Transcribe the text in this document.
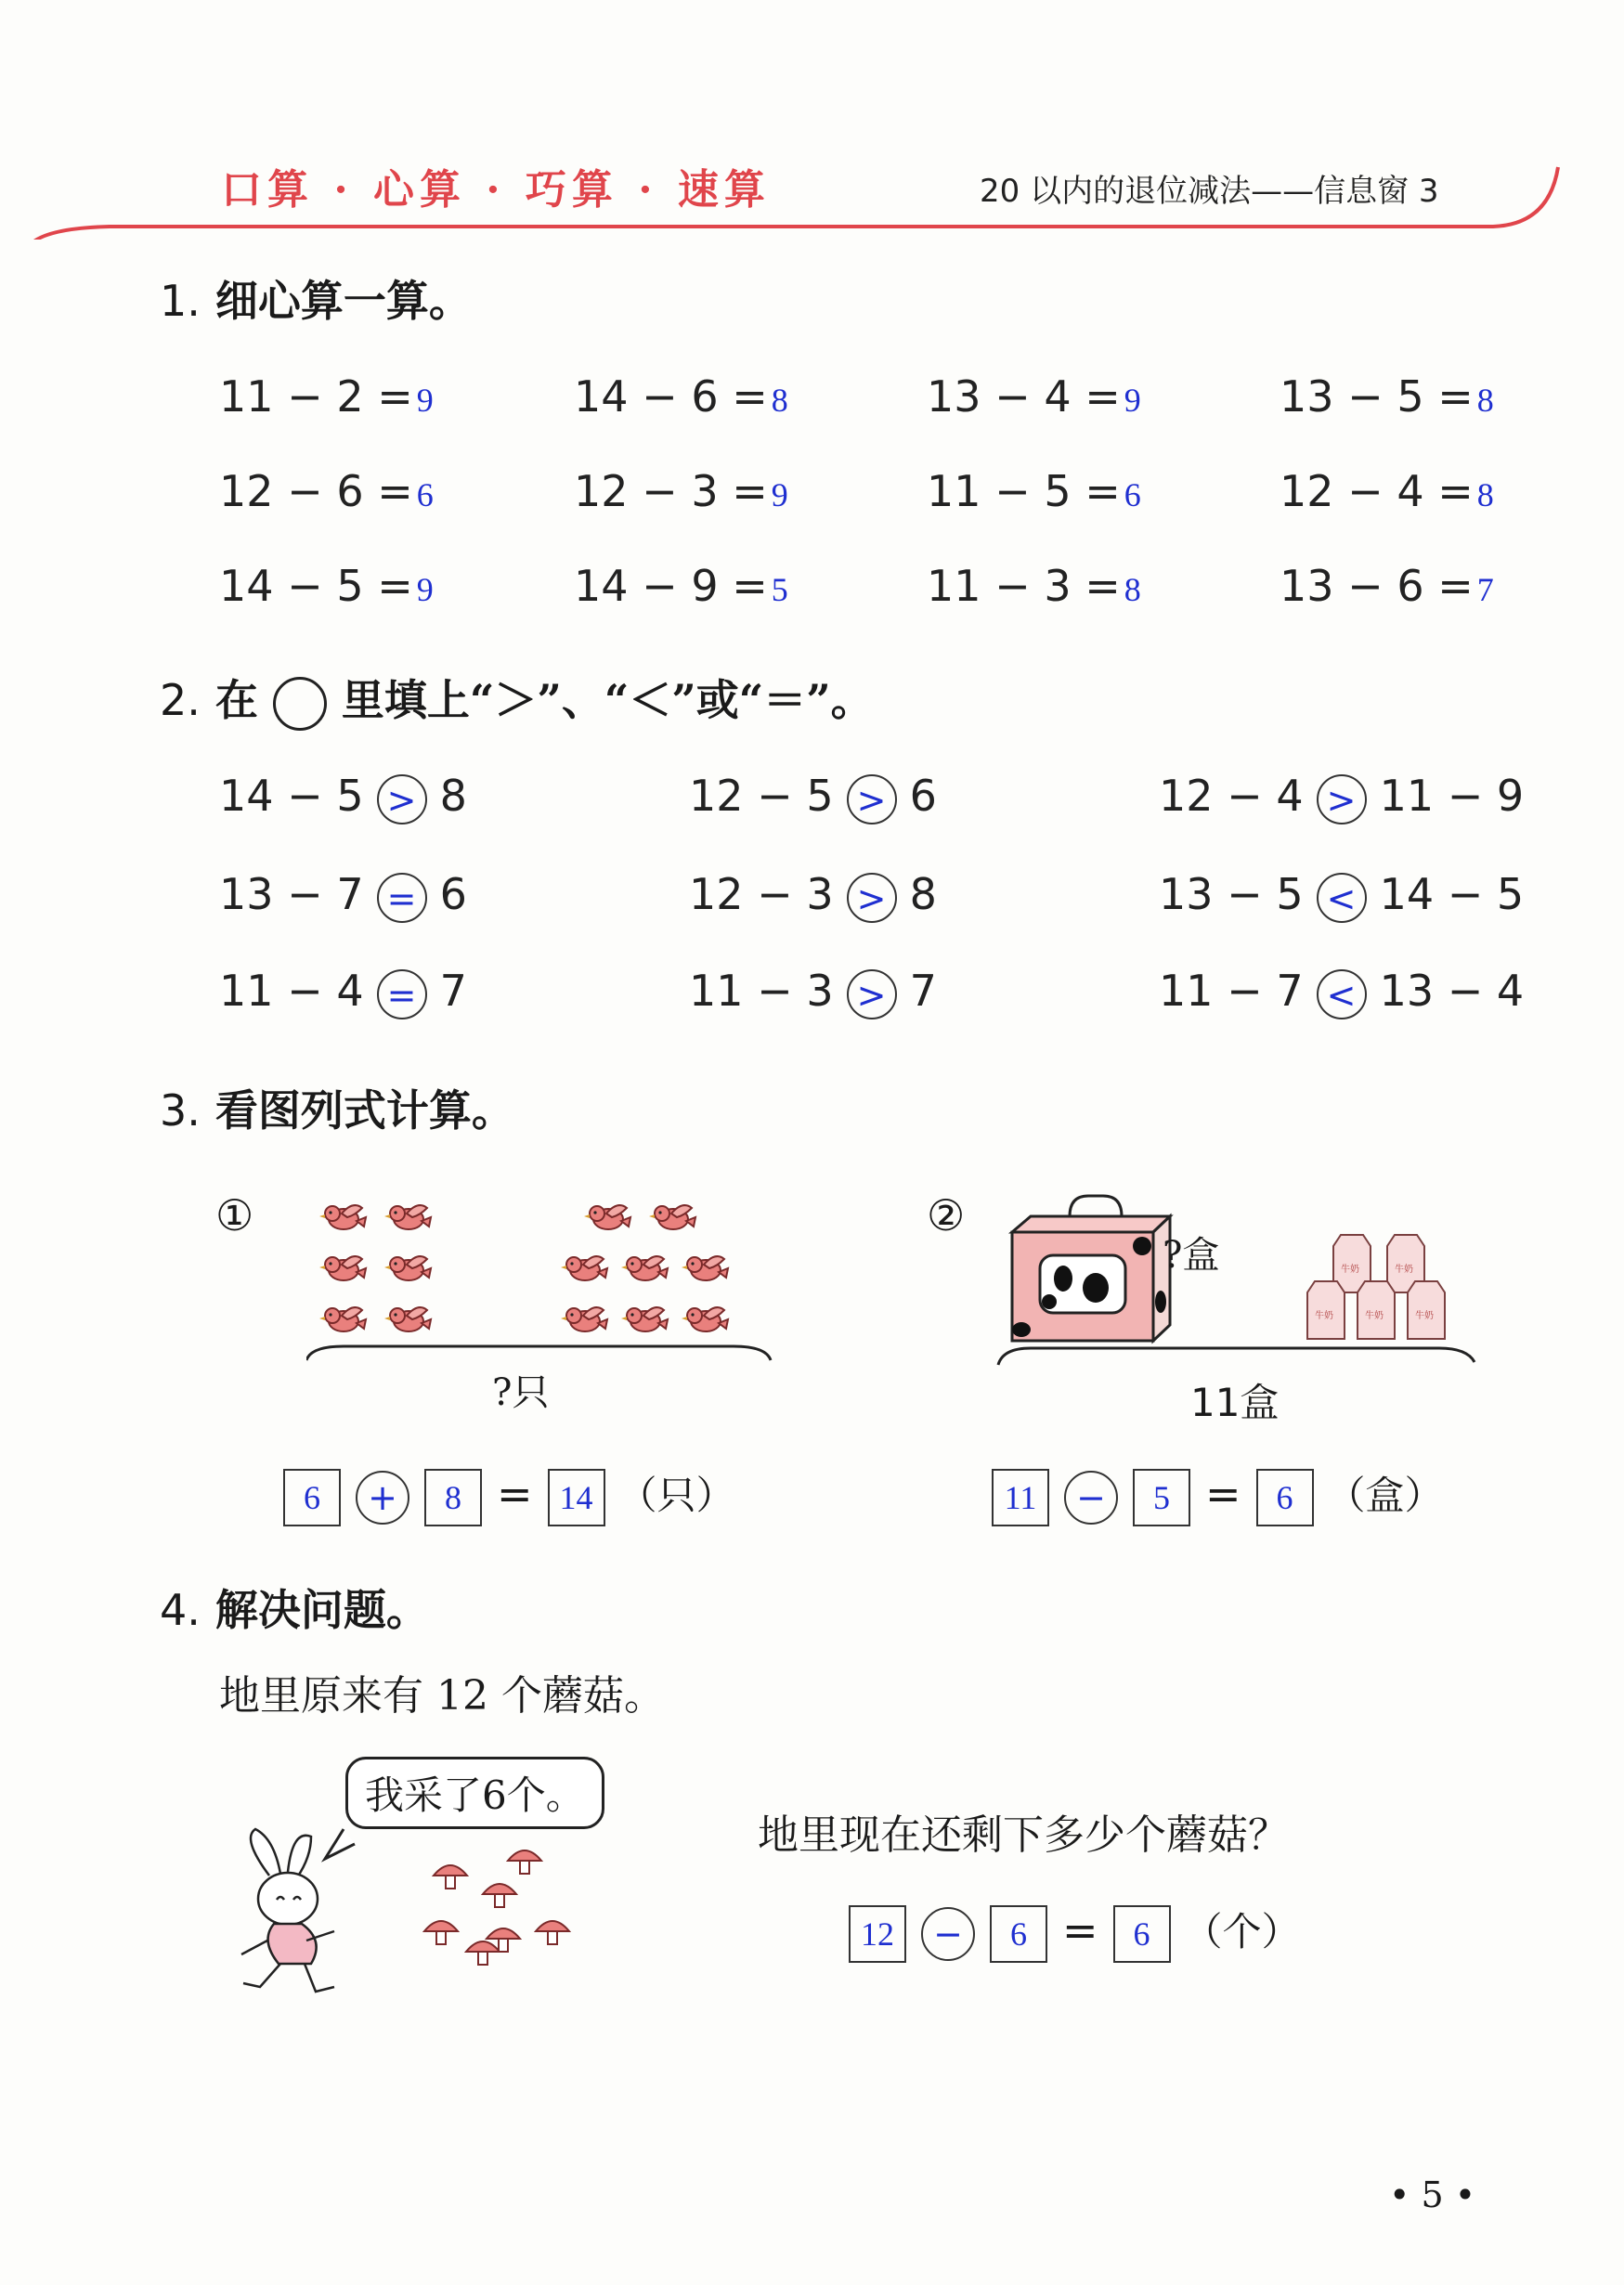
口算 · 心算 · 巧算 · 速算	20 以内的退位减法——信息窗 3
1. 细心算一算。
11 − 2 = 9	14 − 6 = 8	13 − 4 = 9	13 − 5 = 8
12 − 6 = 6	12 − 3 = 9	11 − 5 = 6	12 − 4 = 8
14 − 5 = 9	14 − 9 = 5	11 − 3 = 8	13 − 6 = 7
2. 在 里填上“＞”、“＜”或“＝”。
14 − 5 > 8	12 − 5 > 6	12 − 4 > 11 − 9
13 − 7 = 6	12 − 3 > 8	13 − 5 < 14 − 5
11 − 4 = 7	11 − 3 > 7	11 − 7 < 13 − 4
3. 看图列式计算。
①
?只
6 + 8 = 14 （只）
②
牛奶	牛奶
牛奶	牛奶	牛奶
?盒
11盒
11 − 5 = 6 （盒）
4. 解决问题。
地里原来有 12 个蘑菇。
我采了6个。
地里现在还剩下多少个蘑菇？
12 − 6 = 6 （个）
• 5 •
